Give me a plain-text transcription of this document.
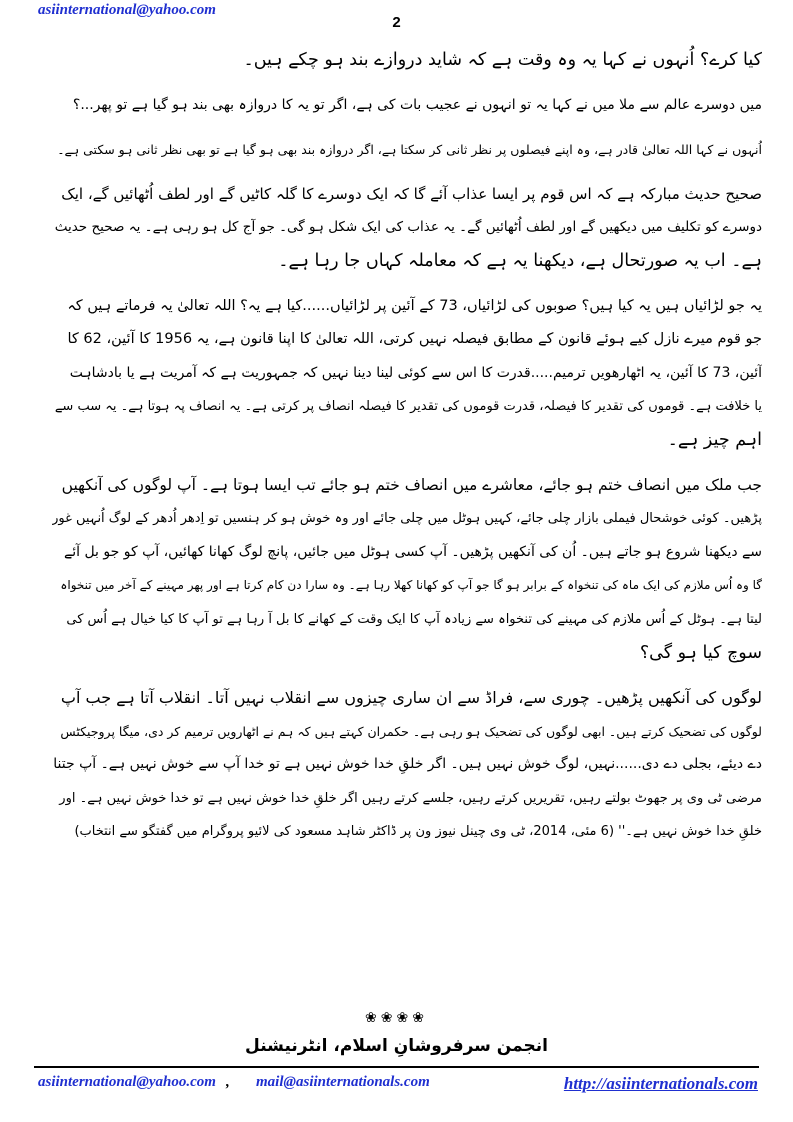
asiinternational@yahoo.com
2
کیا کرے؟ اُنہوں نے کہا یہ وہ وقت ہے کہ شاید دروازے بند ہو چکے ہیں۔
میں دوسرے عالم سے ملا میں نے کہا یہ تو انہوں نے عجیب بات کی ہے، اگر تو یہ کا دروازہ بھی بند ہو گیا ہے تو پھر...؟
اُنہوں نے کہا اللہ تعالیٰ قادر ہے، وہ اپنے فیصلوں پر نظر ثانی کر سکتا ہے، اگر دروازہ بند بھی ہو گیا ہے تو بھی نظر ثانی ہو سکتی ہے۔
صحیح حدیث مبارکہ ہے کہ اس قوم پر ایسا عذاب آئے گا کہ ایک دوسرے کا گلہ کاٹیں گے اور لطف اُٹھائیں گے، ایک
دوسرے کو تکلیف میں دیکھیں گے اور لطف اُٹھائیں گے۔ یہ عذاب کی ایک شکل ہو گی۔ جو آج کل ہو رہی ہے۔ یہ صحیح حدیث
ہے۔ اب یہ صورتحال ہے، دیکھنا یہ ہے کہ معاملہ کہاں جا رہا ہے۔
یہ جو لڑائیاں ہیں یہ کیا ہیں؟ صوبوں کی لڑائیاں، 73 کے آئین پر لڑائیاں......کیا ہے یہ؟ اللہ تعالیٰ یہ فرماتے ہیں کہ
جو قوم میرے نازل کیے ہوئے قانون کے مطابق فیصلہ نہیں کرتی، اللہ تعالیٰ کا اپنا قانون ہے، یہ 1956 کا آئین، 62 کا
آئین، 73 کا آئین، یہ اٹھارھویں ترمیم.....قدرت کا اس سے کوئی لینا دینا نہیں کہ جمہوریت ہے کہ آمریت ہے یا بادشاہت
یا خلافت ہے۔ قوموں کی تقدیر کا فیصلہ، قدرت قوموں کی تقدیر کا فیصلہ انصاف پر کرتی ہے۔ یہ انصاف پہ ہوتا ہے۔ یہ سب سے
اہم چیز ہے۔
جب ملک میں انصاف ختم ہو جائے، معاشرے میں انصاف ختم ہو جائے تب ایسا ہوتا ہے۔ آپ لوگوں کی آنکھیں
پڑھیں۔ کوئی خوشحال فیملی بازار چلی جائے، کہیں ہوٹل میں چلی جائے اور وہ خوش ہو کر ہنسیں تو اِدھر اُدھر کے لوگ اُنہیں غور
سے دیکھنا شروع ہو جاتے ہیں۔ اُن کی آنکھیں پڑھیں۔ آپ کسی ہوٹل میں جائیں، پانچ لوگ کھانا کھائیں، آپ کو جو بل آئے
گا وہ اُس ملازم کی ایک ماہ کی تنخواہ کے برابر ہو گا جو آپ کو کھانا کھلا رہا ہے۔ وہ سارا دن کام کرتا ہے اور پھر مہینے کے آخر میں تنخواہ
لیتا ہے۔ ہوٹل کے اُس ملازم کی مہینے کی تنخواہ سے زیادہ آپ کا ایک وقت کے کھانے کا بل آ رہا ہے تو آپ کا کیا خیال ہے اُس کی
سوچ کیا ہو گی؟
لوگوں کی آنکھیں پڑھیں۔ چوری سے، فراڈ سے ان ساری چیزوں سے انقلاب نہیں آتا۔ انقلاب آتا ہے جب آپ
لوگوں کی تضحیک کرتے ہیں۔ ابھی لوگوں کی تضحیک ہو رہی ہے۔ حکمران کہتے ہیں کہ ہم نے اٹھارویں ترمیم کر دی، میگا پروجیکٹس
دے دیئے، بجلی دے دی......نہیں، لوگ خوش نہیں ہیں۔ اگر خلقِ خدا خوش نہیں ہے تو خدا آپ سے خوش نہیں ہے۔ آپ جتنا
مرضی ٹی وی پر جھوٹ بولتے رہیں، تقریریں کرتے رہیں، جلسے کرتے رہیں اگر خلقِ خدا خوش نہیں ہے تو خدا خوش نہیں ہے۔ اور
خلقِ خدا خوش نہیں ہے۔'' (6 مئی، 2014، ٹی وی چینل نیوز ون پر ڈاکٹر شاہد مسعود کی لائیو پروگرام میں گفتگو سے انتخاب)
❀❀❀❀
انجمن سرفروشانِ اسلام، انٹرنیشنل
asiinternational@yahoo.com , mail@asiinternationals.com	http://asiinternationals.com
